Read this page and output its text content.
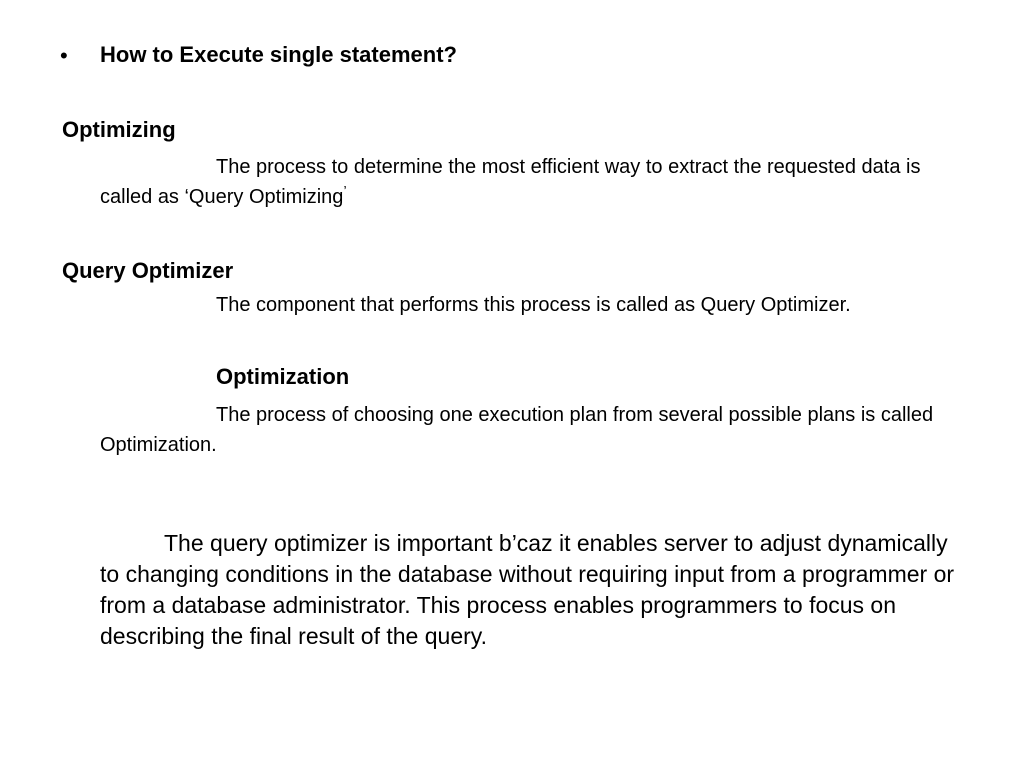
• How to Execute single statement?
Optimizing
The process to determine the most efficient way to extract the requested data is called as ‘Query Optimizing’
Query Optimizer
The component that performs this process is called as Query Optimizer.
Optimization
The process of choosing one execution plan from several possible plans is called Optimization.
The query optimizer is important b’caz it enables server to adjust dynamically to changing conditions in the database without requiring input from a programmer or from a database administrator. This process enables programmers to focus on describing the final result of the query.
